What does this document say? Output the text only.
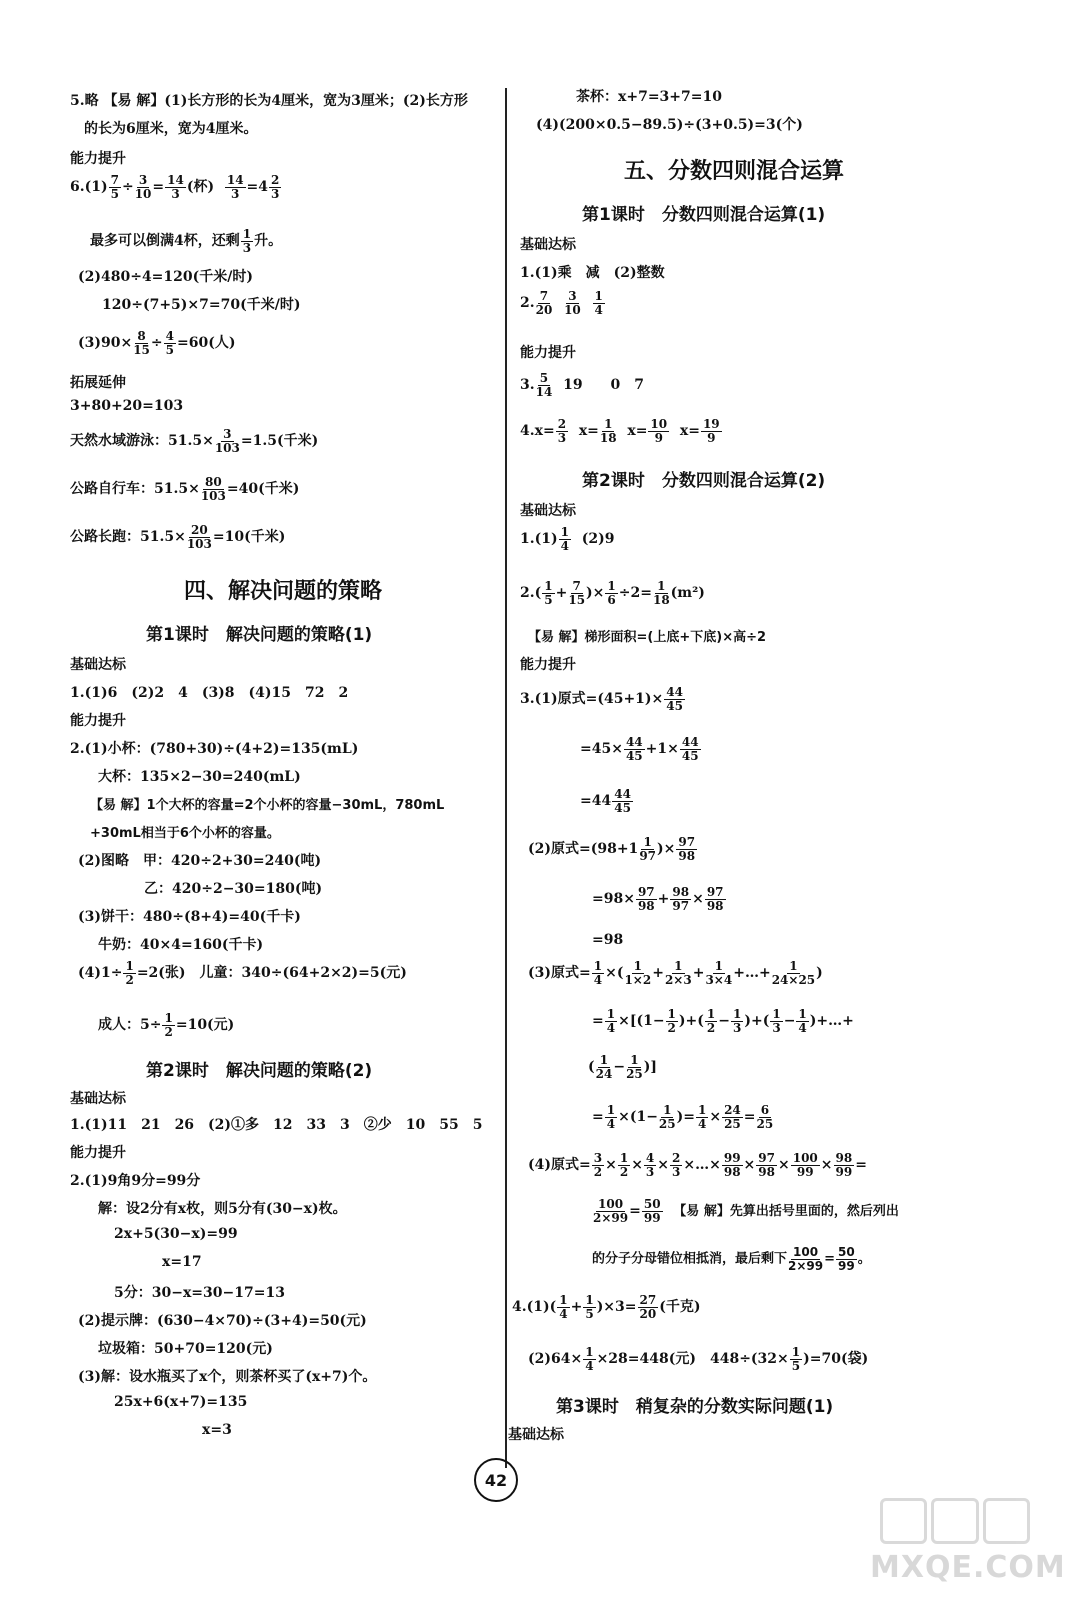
5.略 【易 解】(1)长方形的长为4厘米，宽为3厘米；(2)长方形
的长为6厘米，宽为4厘米。
能力提升
$6.(1) \frac{7}{5} \div \frac{3}{10} = \frac{14}{3}$ (杯) $\frac{14}{3} =4 \frac{2}{3}$
最多可以倒满4杯，还剩 $\frac{1}{3}$ 升。
(2)480÷4=120(千米/时)
120÷(7+5)×7=70(千米/时)
$(3)90\times \frac{8}{15} \div \frac{4}{5} =60$(人)
拓展延伸
3+80+20=103
天然水域游泳：$51.5\times \frac{3}{103} =1.5$(千米)
公路自行车：$51.5\times \frac{80}{103} =40$(千米)
公路长跑：$51.5\times \frac{20}{103} =10$(千米)
四、解决问题的策略
第1课时　解决问题的策略(1)
基础达标
1.(1)6　(2)2　4　(3)8　(4)15　72　2
能力提升
2.(1)小杯：(780+30)÷(4+2)=135(mL)
大杯：135×2−30=240(mL)
【易 解】1个大杯的容量=2个小杯的容量−30mL，780mL
+30mL相当于6个小杯的容量。
(2)图略　甲：420÷2+30=240(吨)
乙：420÷2−30=180(吨)
(3)饼干：480÷(8+4)=40(千卡)
牛奶：40×4=160(千卡)
$(4)1\div \frac{1}{2} =2$(张)　儿童：340÷(64+2×2)=5(元)
成人：$5\div \frac{1}{2} =10$(元)
第2课时　解决问题的策略(2)
基础达标
1.(1)11　21　26　(2)①多　12　33　3　②少　10　55　5
能力提升
2.(1)9角9分=99分
解：设2分有x枚，则5分有(30−x)枚。
2x+5(30−x)=99
x=17
5分：30−x=30−17=13
(2)提示牌：(630−4×70)÷(3+4)=50(元)
垃圾箱：50+70=120(元)
(3)解：设水瓶买了x个，则茶杯买了(x+7)个。
25x+6(x+7)=135
x=3
茶杯：x+7=3+7=10
(4)(200×0.5−89.5)÷(3+0.5)=3(个)
五、分数四则混合运算
第1课时　分数四则混合运算(1)
基础达标
1.(1)乘　减　(2)整数
2. $\frac{7}{20}$
$\frac{3}{10}$
$\frac{1}{4}$
能力提升
3. $\frac{5}{14} 19$　　0　7
$4.x= \frac{2}{3} x= \frac{1}{18} x= \frac{10}{9} x= \frac{19}{9}$
第2课时　分数四则混合运算(2)
基础达标
$1.(1) \frac{1}{4} (2)9$
$2.( \frac{1}{5} + \frac{7}{15}$ )× $\frac{1}{6} \div 2= \frac{1}{18} (m^2)$
【易 解】梯形面积=(上底+下底)×高÷2
能力提升
3.(1)原式$=(45+1)\times \frac{44}{45}$
$=45\times \frac{44}{45} +1\times \frac{44}{45}$
$=44 \frac{44}{45}$
(2)原式$=(98+1 \frac{1}{97}$ )× $\frac{97}{98}$
$=98\times \frac{97}{98} + \frac{98}{97} \times \frac{97}{98}$
=98
(3)原式= $\frac{1}{4}$ ×( $\frac{1}{1\times 2} + \frac{1}{2\times 3} + \frac{1}{3\times 4}$ +…+ $\frac{1}{24\times 25}$ )
= $\frac{1}{4} \times[(1- \frac{1}{2}$ )+( $\frac{1}{2} - \frac{1}{3}$ )+( $\frac{1}{3} - \frac{1}{4}$ )+…+
( $\frac{1}{24} - \frac{1}{25}$ )]
= $\frac{1}{4} \times(1- \frac{1}{25}$ )= $\frac{1}{4} \times \frac{24}{25} = \frac{6}{25}$
(4)原式= $\frac{3}{2} \times \frac{1}{2} \times \frac{4}{3} \times \frac{2}{3}$ ×…× $\frac{99}{98} \times \frac{97}{98} \times \frac{100}{99} \times \frac{98}{99}$ =
$\frac{100}{2\times 99} = \frac{50}{99}$ 【易 解】先算出括号里面的，然后列出
的分子分母错位相抵消，最后剩下 $\frac{100}{2\times 99} = \frac{50}{99}$ 。
$4.(1)( \frac{1}{4} + \frac{1}{5} )\times 3= \frac{27}{20}$ (千克)
$(2)64\times \frac{1}{4} \times 28=448$(元)　$448\div(32\times \frac{1}{5} )=70$(袋)
第3课时　稍复杂的分数实际问题(1)
基础达标
42
MXQE.COM
